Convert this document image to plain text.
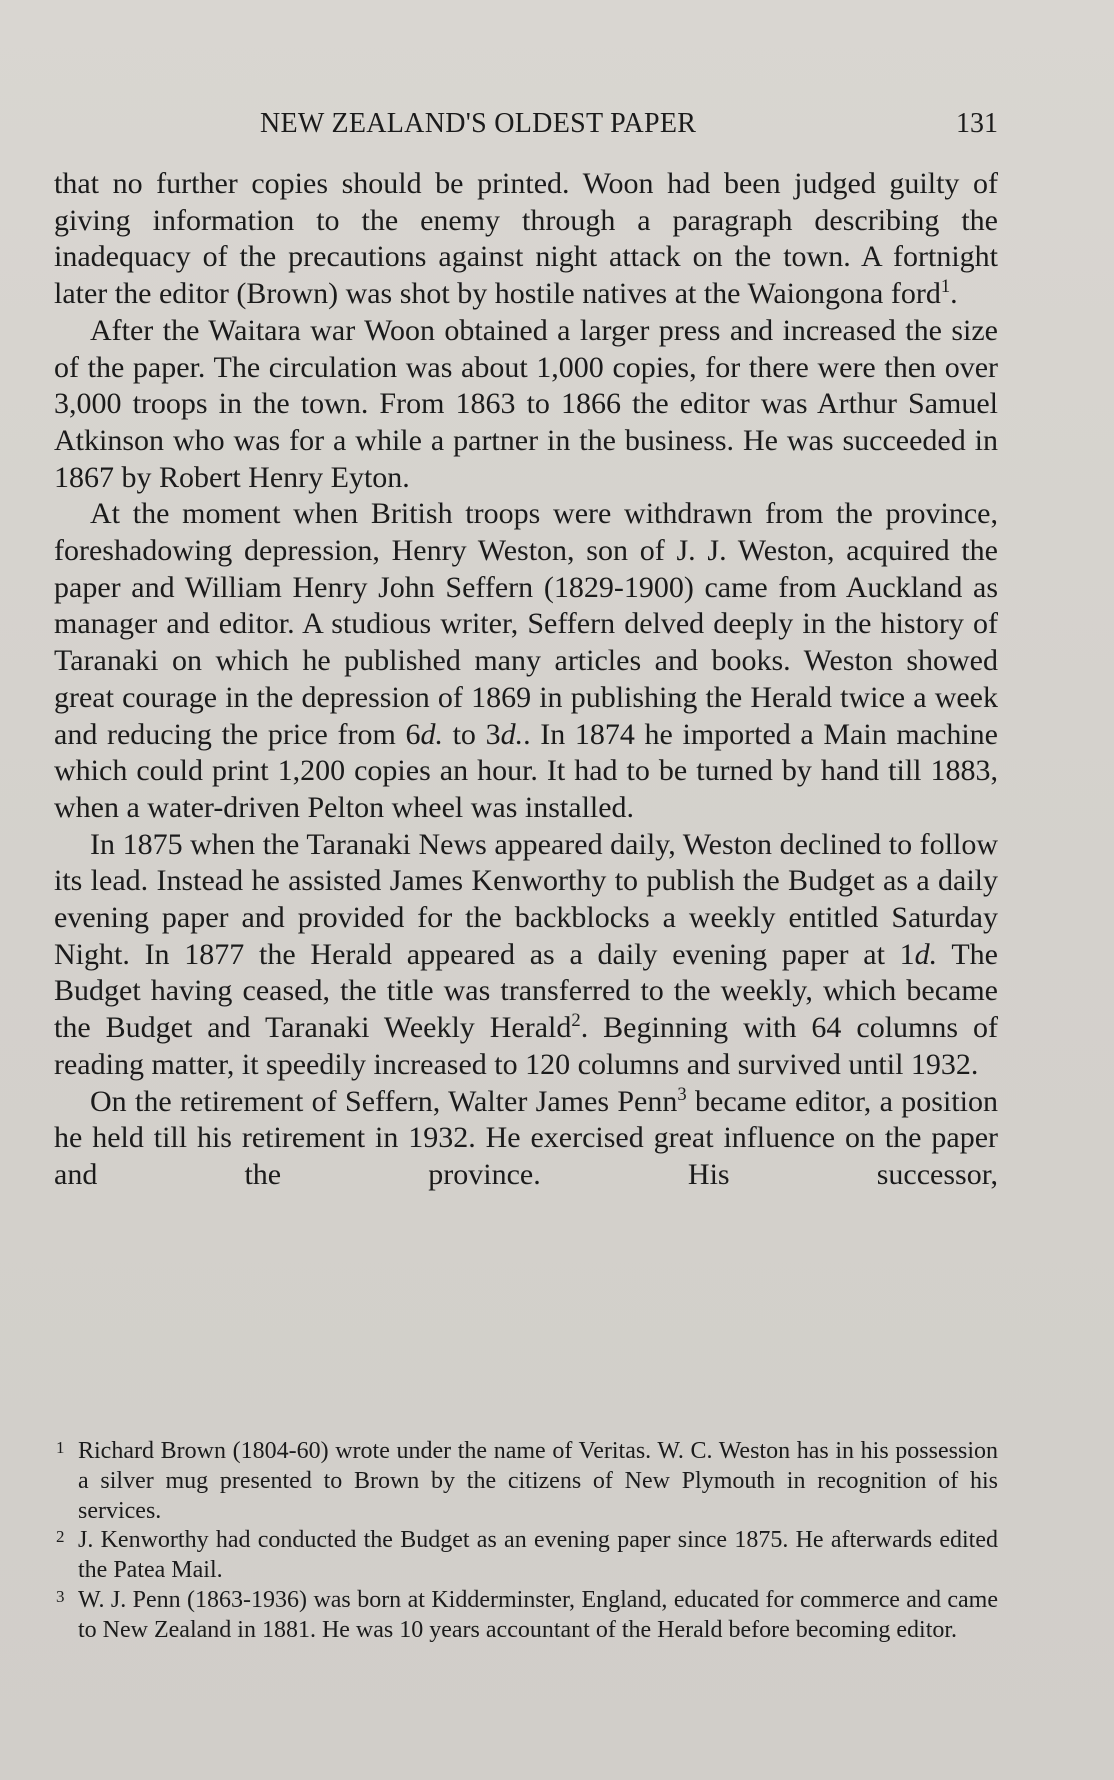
NEW ZEALAND'S OLDEST PAPER	131

that no further copies should be printed. Woon had been judged guilty of giving information to the enemy through a paragraph describing the inadequacy of the precautions against night attack on the town. A fortnight later the editor (Brown) was shot by hostile natives at the Waiongona ford$^1$.

After the Waitara war Woon obtained a larger press and increased the size of the paper. The circulation was about 1,000 copies, for there were then over 3,000 troops in the town. From 1863 to 1866 the editor was Arthur Samuel Atkinson who was for a while a partner in the business. He was succeeded in 1867 by Robert Henry Eyton.

At the moment when British troops were withdrawn from the province, foreshadowing depression, Henry Weston, son of J. J. Weston, acquired the paper and William Henry John Seffern (1829-1900) came from Auckland as manager and editor. A studious writer, Seffern delved deeply in the history of Taranaki on which he published many articles and books. Weston showed great courage in the depression of 1869 in publishing the Herald twice a week and reducing the price from 6d. to 3d.. In 1874 he imported a Main machine which could print 1,200 copies an hour. It had to be turned by hand till 1883, when a water-driven Pelton wheel was installed.

In 1875 when the Taranaki News appeared daily, Weston declined to follow its lead. Instead he assisted James Kenworthy to publish the Budget as a daily evening paper and provided for the backblocks a weekly entitled Saturday Night. In 1877 the Herald appeared as a daily evening paper at 1d. The Budget having ceased, the title was transferred to the weekly, which became the Budget and Taranaki Weekly Herald$^2$. Beginning with 64 columns of reading matter, it speedily increased to 120 columns and survived until 1932.

On the retirement of Seffern, Walter James Penn$^3$ became editor, a position he held till his retirement in 1932. He exercised great influence on the paper and the province. His successor,

1 Richard Brown (1804-60) wrote under the name of Veritas. W. C. Weston has in his possession a silver mug presented to Brown by the citizens of New Plymouth in recognition of his services.

2 J. Kenworthy had conducted the Budget as an evening paper since 1875. He afterwards edited the Patea Mail.

3 W. J. Penn (1863-1936) was born at Kidderminster, England, educated for commerce and came to New Zealand in 1881. He was 10 years accountant of the Herald before becoming editor.
